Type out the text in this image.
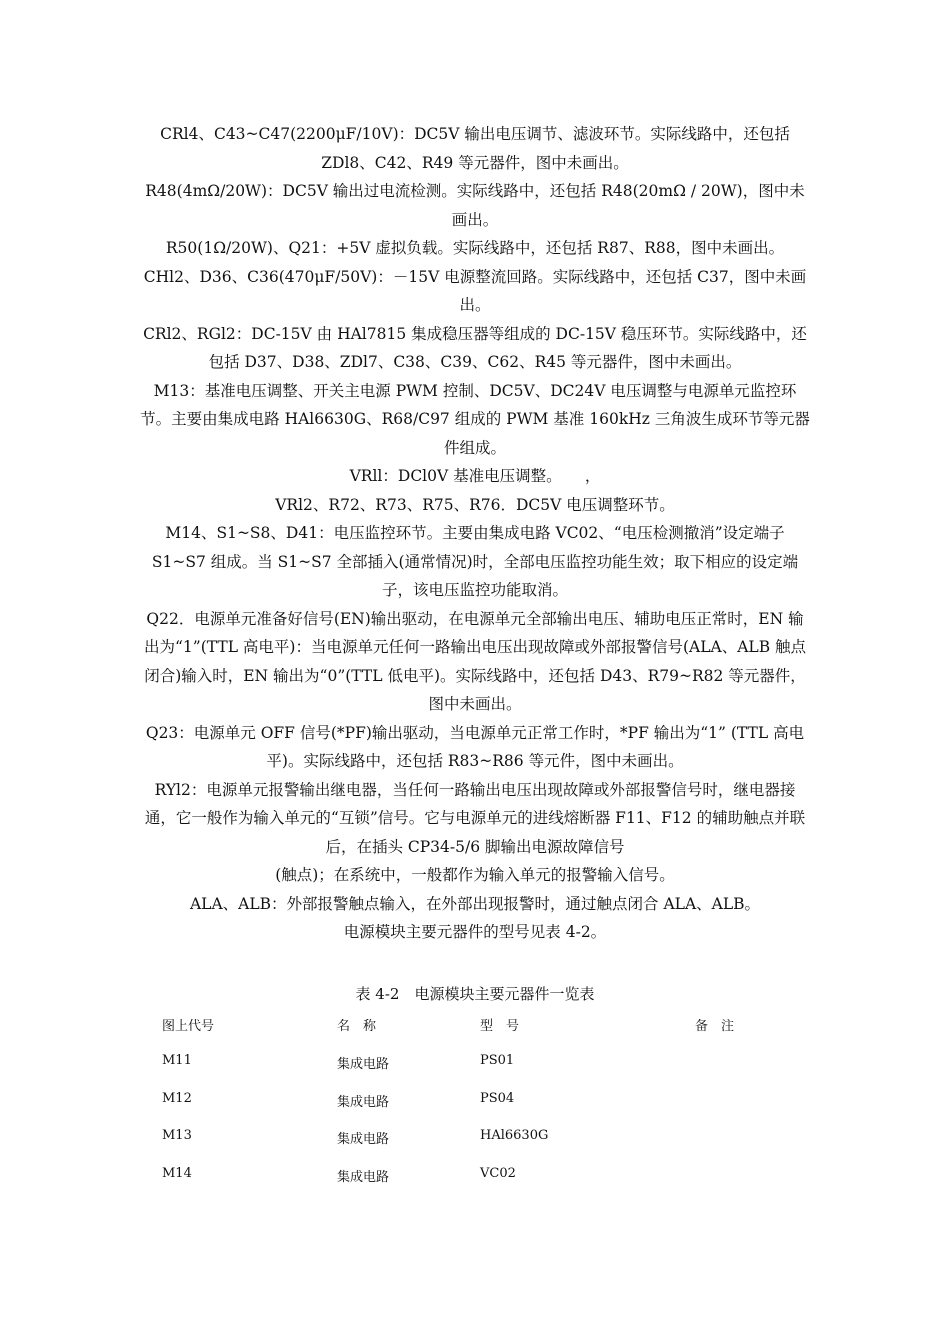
CRl4、C43~C47(2200μF/10V)：DC5V 输出电压调节、滤波环节。实际线路中，还包括 ZDl8、C42、R49 等元器件，图中未画出。

R48(4mΩ/20W)：DC5V 输出过电流检测。实际线路中，还包括 R48(20mΩ / 20W)，图中未画出。

R50(1Ω/20W)、Q21：+5V 虚拟负载。实际线路中，还包括 R87、R88，图中未画出。

CHl2、D36、C36(470μF/50V)：－15V 电源整流回路。实际线路中，还包括 C37，图中未画出。

CRl2、RGl2：DC-15V 由 HAl7815 集成稳压器等组成的 DC-15V 稳压环节。实际线路中，还包括 D37、D38、ZDl7、C38、C39、C62、R45 等元器件，图中未画出。

M13：基准电压调整、开关主电源 PWM 控制、DC5V、DC24V 电压调整与电源单元监控环节。主要由集成电路 HAl6630G、R68/C97 组成的 PWM 基准 160kHz 三角波生成环节等元器件组成。

VRll：DCl0V 基准电压调整。　　，

VRl2、R72、R73、R75、R76．DC5V 电压调整环节。

M14、S1~S8、D41：电压监控环节。主要由集成电路 VC02、“电压检测撤消”设定端子 S1~S7 组成。当 S1~S7 全部插入(通常情况)时，全部电压监控功能生效；取下相应的设定端子，该电压监控功能取消。

Q22．电源单元准备好信号(EN)输出驱动，在电源单元全部输出电压、辅助电压正常时，EN 输出为“1”(TTL 高电平)：当电源单元任何一路输出电压出现故障或外部报警信号(ALA、ALB 触点闭合)输入时，EN 输出为“0”(TTL 低电平)。实际线路中，还包括 D43、R79~R82 等元器件，图中未画出。

Q23：电源单元 OFF 信号(*PF)输出驱动，当电源单元正常工作时，*PF 输出为“1” (TTL 高电平)。实际线路中，还包括 R83~R86 等元件，图中未画出。

RYl2：电源单元报警输出继电器，当任何一路输出电压出现故障或外部报警信号时，继电器接通，它一般作为输入单元的“互锁”信号。它与电源单元的进线熔断器 F11、F12 的辅助触点并联后，在插头 CP34-5/6 脚输出电源故障信号

(触点)；在系统中，一般都作为输入单元的报警输入信号。

ALA、ALB：外部报警触点输入，在外部出现报警时，通过触点闭合 ALA、ALB。

电源模块主要元器件的型号见表 4-2。

表 4-2　电源模块主要元器件一览表
图上代号	名　称	型　号	备　注
M11	集成电路	PS01
M12	集成电路	PS04
M13	集成电路	HAl6630G
M14	集成电路	VC02
